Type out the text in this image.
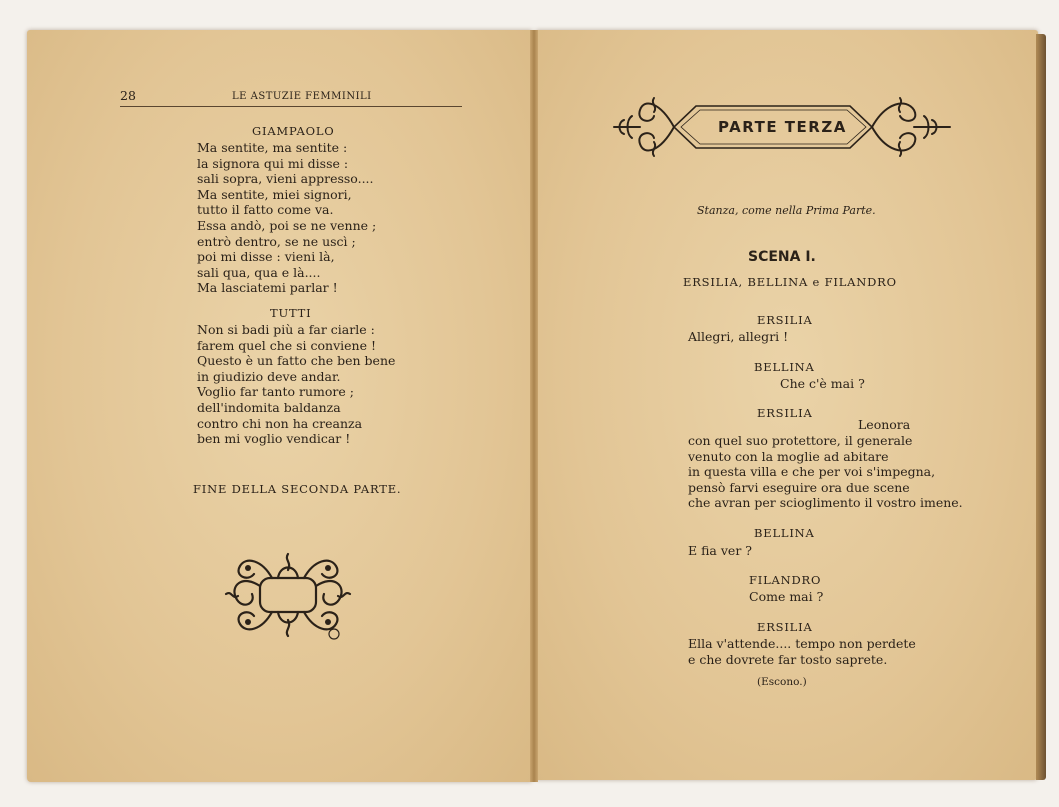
28	LE ASTUZIE FEMMINILI
GIAMPAOLO
Ma sentite, ma sentite :
la signora qui mi disse :
sali sopra, vieni appresso....
Ma sentite, miei signori,
tutto il fatto come va.
Essa andò, poi se ne venne ;
entrò dentro, se ne uscì ;
poi mi disse : vieni là,
sali qua, qua e là....
Ma lasciatemi parlar !
TUTTI
Non si badi più a far ciarle :
farem quel che si conviene !
Questo è un fatto che ben bene
in giudizio deve andar.
Voglio far tanto rumore ;
dell'indomita baldanza
contro chi non ha creanza
ben mi voglio vendicar !
FINE DELLA SECONDA PARTE.
PARTE TERZA
Stanza, come nella Prima Parte.
SCENA I.
ERSILIA, BELLINA e FILANDRO
ERSILIA
Allegri, allegri !
BELLINA
Che c'è mai ?
ERSILIA
Leonora
con quel suo protettore, il generale
venuto con la moglie ad abitare
in questa villa e che per voi s'impegna,
pensò farvi eseguire ora due scene
che avran per scioglimento il vostro imene.
BELLINA
E fia ver ?
FILANDRO
Come mai ?
ERSILIA
Ella v'attende.... tempo non perdete
e che dovrete far tosto saprete.
(Escono.)
